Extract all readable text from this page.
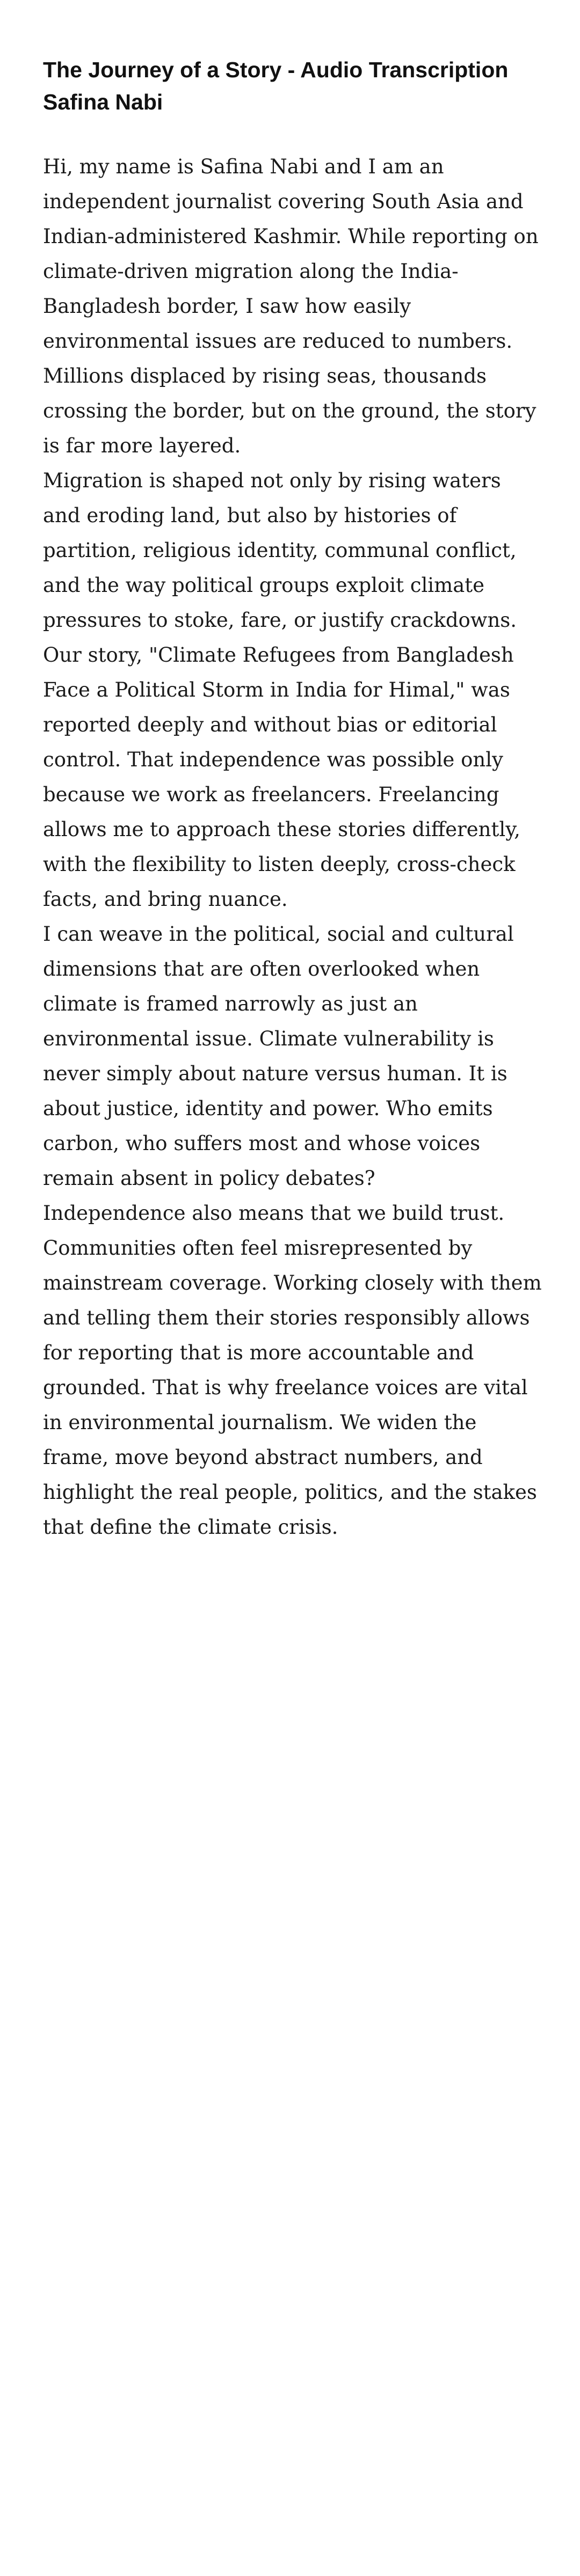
The Journey of a Story - Audio Transcription
Safina Nabi

Hi, my name is Safina Nabi and I am an independent journalist covering South Asia and Indian-administered Kashmir. While reporting on climate-driven migration along the India-Bangladesh border, I saw how easily environmental issues are reduced to numbers. Millions displaced by rising seas, thousands crossing the border, but on the ground, the story is far more layered.

Migration is shaped not only by rising waters and eroding land, but also by histories of partition, religious identity, communal conflict, and the way political groups exploit climate pressures to stoke, fare, or justify crackdowns. Our story, "Climate Refugees from Bangladesh Face a Political Storm in India for Himal," was reported deeply and without bias or editorial control. That independence was possible only because we work as freelancers. Freelancing allows me to approach these stories differently, with the flexibility to listen deeply, cross-check facts, and bring nuance.

I can weave in the political, social and cultural dimensions that are often overlooked when climate is framed narrowly as just an environmental issue. Climate vulnerability is never simply about nature versus human. It is about justice, identity and power. Who emits carbon, who suffers most and whose voices remain absent in policy debates?

Independence also means that we build trust. Communities often feel misrepresented by mainstream coverage. Working closely with them and telling them their stories responsibly allows for reporting that is more accountable and grounded. That is why freelance voices are vital in environmental journalism. We widen the frame, move beyond abstract numbers, and highlight the real people, politics, and the stakes that define the climate crisis.
